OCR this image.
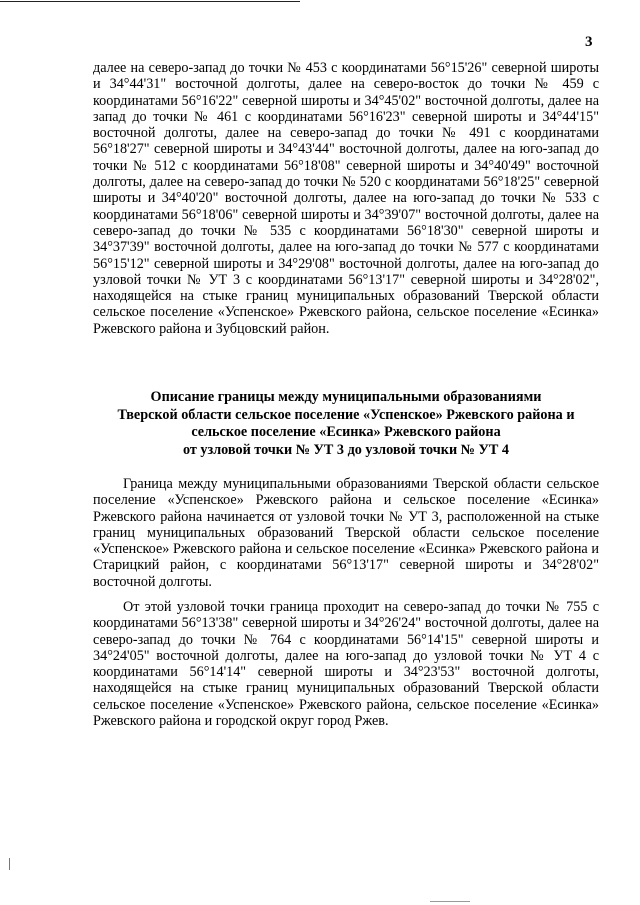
3

далее на северо-запад до точки № 453 с координатами 56°15'26" северной широты и 34°44'31" восточной долготы, далее на северо-восток до точки № 459 с координатами 56°16'22" северной широты и 34°45'02" восточной долготы, далее на запад до точки № 461 с координатами 56°16'23" северной широты и 34°44'15" восточной долготы, далее на северо-запад до точки № 491 с координатами 56°18'27" северной широты и 34°43'44" восточной долготы, далее на юго-запад до точки № 512 с координатами 56°18'08" северной широты и 34°40'49" восточной долготы, далее на северо-запад до точки № 520 с координатами 56°18'25" северной широты и 34°40'20" восточной долготы, далее на юго-запад до точки № 533 с координатами 56°18'06" северной широты и 34°39'07" восточной долготы, далее на северо-запад до точки № 535 с координатами 56°18'30" северной широты и 34°37'39" восточной долготы, далее на юго-запад до точки № 577 с координатами 56°15'12" северной широты и 34°29'08" восточной долготы, далее на юго-запад до узловой точки № УТ 3 с координатами 56°13'17" северной широты и 34°28'02", находящейся на стыке границ муниципальных образований Тверской области сельское поселение «Успенское» Ржевского района, сельское поселение «Есинка» Ржевского района и Зубцовский район.

Описание границы между муниципальными образованиями
Тверской области сельское поселение «Успенское» Ржевского района и
сельское поселение «Есинка» Ржевского района
от узловой точки № УТ 3 до узловой точки № УТ 4

Граница между муниципальными образованиями Тверской области сельское поселение «Успенское» Ржевского района и сельское поселение «Есинка» Ржевского района начинается от узловой точки № УТ 3, расположенной на стыке границ муниципальных образований Тверской области сельское поселение «Успенское» Ржевского района и сельское поселение «Есинка» Ржевского района и Старицкий район, с координатами 56°13'17" северной широты и 34°28'02" восточной долготы.

От этой узловой точки граница проходит на северо-запад до точки № 755 с координатами 56°13'38" северной широты и 34°26'24" восточной долготы, далее на северо-запад до точки № 764 с координатами 56°14'15" северной широты и 34°24'05" восточной долготы, далее на юго-запад до узловой точки № УТ 4 с координатами 56°14'14" северной широты и 34°23'53" восточной долготы, находящейся на стыке границ муниципальных образований Тверской области сельское поселение «Успенское» Ржевского района, сельское поселение «Есинка» Ржевского района и городской округ город Ржев.
